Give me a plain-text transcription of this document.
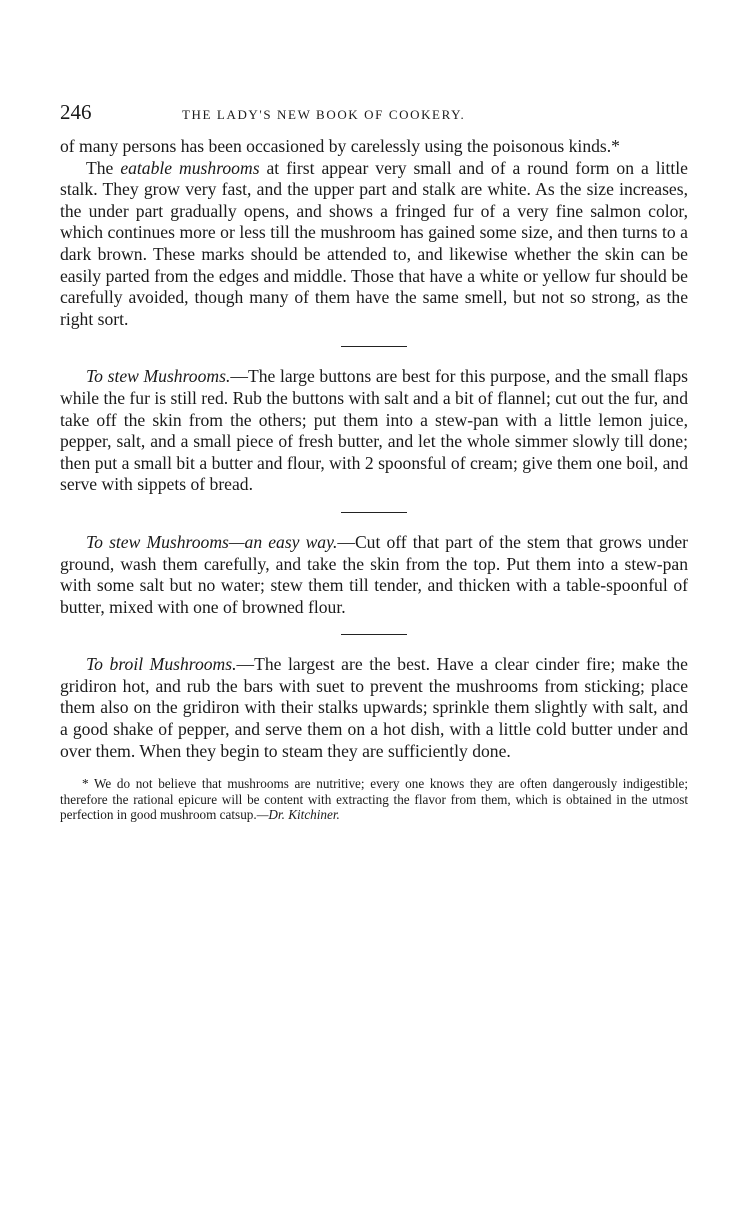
246	THE LADY'S NEW BOOK OF COOKERY.

of many persons has been occasioned by carelessly using the poisonous kinds.*

The eatable mushrooms at first appear very small and of a round form on a little stalk. They grow very fast, and the upper part and stalk are white. As the size increases, the under part gradually opens, and shows a fringed fur of a very fine salmon color, which continues more or less till the mushroom has gained some size, and then turns to a dark brown. These marks should be attended to, and likewise whether the skin can be easily parted from the edges and middle. Those that have a white or yellow fur should be carefully avoided, though many of them have the same smell, but not so strong, as the right sort.

To stew Mushrooms.—The large buttons are best for this purpose, and the small flaps while the fur is still red. Rub the buttons with salt and a bit of flannel; cut out the fur, and take off the skin from the others; put them into a stew-pan with a little lemon juice, pepper, salt, and a small piece of fresh butter, and let the whole simmer slowly till done; then put a small bit a butter and flour, with 2 spoonsful of cream; give them one boil, and serve with sippets of bread.

To stew Mushrooms—an easy way.—Cut off that part of the stem that grows under ground, wash them carefully, and take the skin from the top. Put them into a stew-pan with some salt but no water; stew them till tender, and thicken with a table-spoonful of butter, mixed with one of browned flour.

To broil Mushrooms.—The largest are the best. Have a clear cinder fire; make the gridiron hot, and rub the bars with suet to prevent the mushrooms from sticking; place them also on the gridiron with their stalks upwards; sprinkle them slightly with salt, and a good shake of pepper, and serve them on a hot dish, with a little cold butter under and over them. When they begin to steam they are sufficiently done.

* We do not believe that mushrooms are nutritive; every one knows they are often dangerously indigestible; therefore the rational epicure will be content with extracting the flavor from them, which is obtained in the utmost perfection in good mushroom catsup.—Dr. Kitchiner.
